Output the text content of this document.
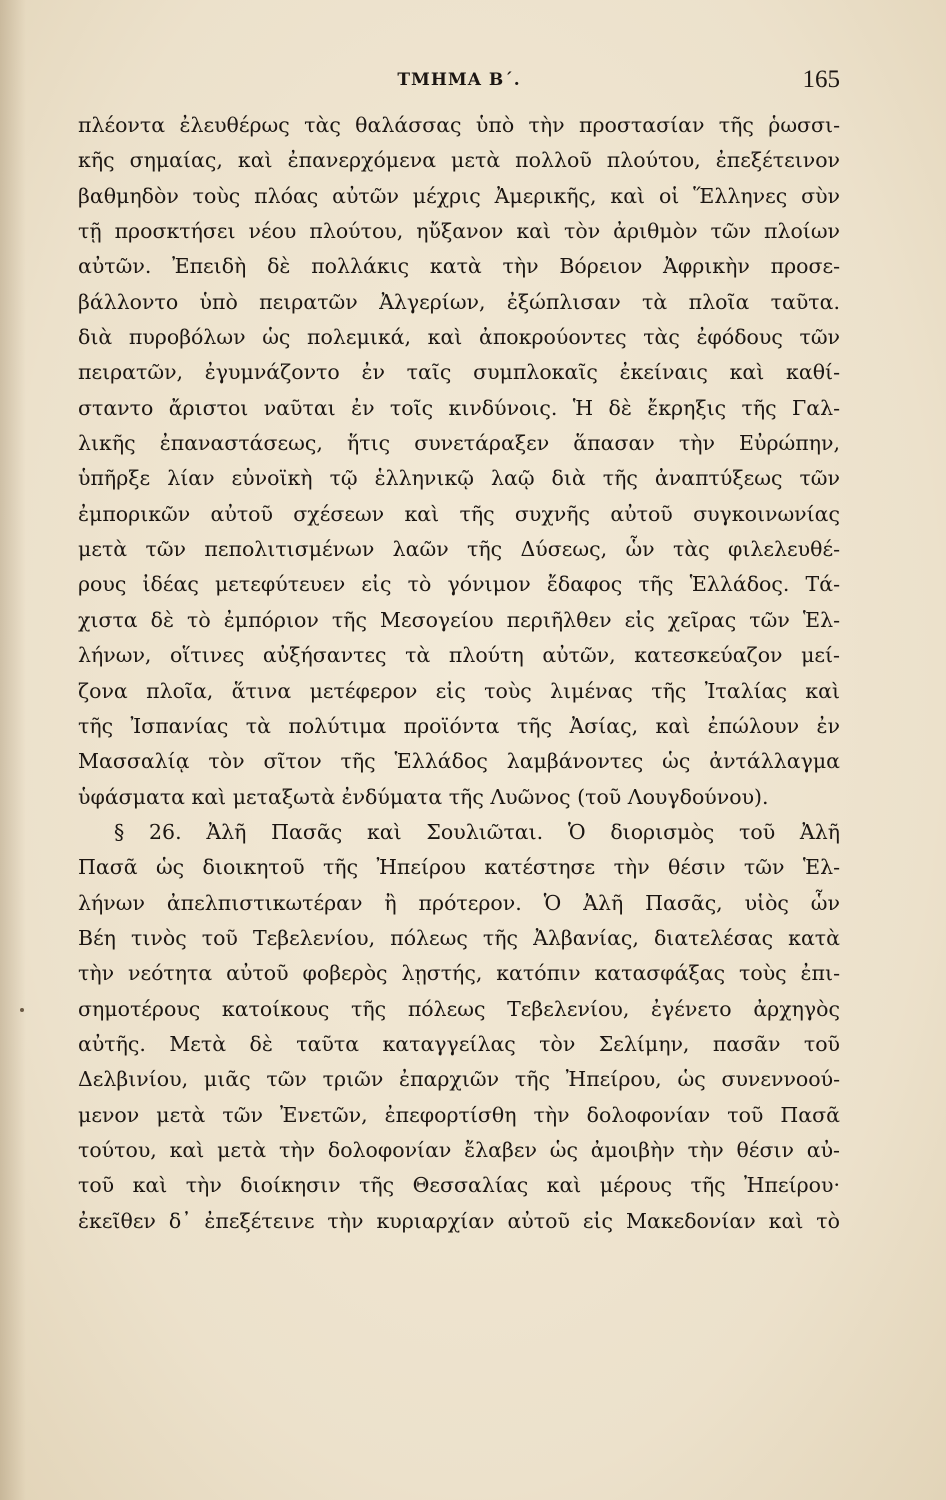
ΤΜΗΜΑ Β΄.	165
πλέοντα ἐλευθέρως τὰς θαλάσσας ὑπὸ τὴν προστασίαν τῆς ῥωσσι-
κῆς σημαίας, καὶ ἐπανερχόμενα μετὰ πολλοῦ πλούτου, ἐπεξέτεινον
βαθμηδὸν τοὺς πλόας αὐτῶν μέχρις Ἀμερικῆς, καὶ οἱ Ἕλληνες σὺν
τῇ προσκτήσει νέου πλούτου, ηὔξανον καὶ τὸν ἀριθμὸν τῶν πλοίων
αὐτῶν. Ἐπειδὴ δὲ πολλάκις κατὰ τὴν Βόρειον Ἀφρικὴν προσε-
βάλλοντο ὑπὸ πειρατῶν Ἀλγερίων, ἐξώπλισαν τὰ πλοῖα ταῦτα.
διὰ πυροβόλων ὡς πολεμικά, καὶ ἀποκρούοντες τὰς ἐφόδους τῶν
πειρατῶν, ἐγυμνάζοντο ἐν ταῖς συμπλοκαῖς ἐκείναις καὶ καθί-
σταντο ἄριστοι ναῦται ἐν τοῖς κινδύνοις. Ἡ δὲ ἔκρηξις τῆς Γαλ-
λικῆς ἐπαναστάσεως, ἥτις συνετάραξεν ἅπασαν τὴν Εὐρώπην,
ὑπῆρξε λίαν εὐνοϊκὴ τῷ ἑλληνικῷ λαῷ διὰ τῆς ἀναπτύξεως τῶν
ἐμπορικῶν αὐτοῦ σχέσεων καὶ τῆς συχνῆς αὐτοῦ συγκοινωνίας
μετὰ τῶν πεπολιτισμένων λαῶν τῆς Δύσεως, ὧν τὰς φιλελευθέ-
ρους ἰδέας μετεφύτευεν εἰς τὸ γόνιμον ἔδαφος τῆς Ἑλλάδος. Τά-
χιστα δὲ τὸ ἐμπόριον τῆς Μεσογείου περιῆλθεν εἰς χεῖρας τῶν Ἑλ-
λήνων, οἵτινες αὐξήσαντες τὰ πλούτη αὐτῶν, κατεσκεύαζον μεί-
ζονα πλοῖα, ἅτινα μετέφερον εἰς τοὺς λιμένας τῆς Ἰταλίας καὶ
τῆς Ἰσπανίας τὰ πολύτιμα προϊόντα τῆς Ἀσίας, καὶ ἐπώλουν ἐν
Μασσαλίᾳ τὸν σῖτον τῆς Ἑλλάδος λαμβάνοντες ὡς ἀντάλλαγμα
ὑφάσματα καὶ μεταξωτὰ ἐνδύματα τῆς Λυῶνος (τοῦ Λουγδούνου).
§ 26. Ἀλῆ Πασᾶς καὶ Σουλιῶται. Ὁ διορισμὸς τοῦ Ἀλῆ
Πασᾶ ὡς διοικητοῦ τῆς Ἠπείρου κατέστησε τὴν θέσιν τῶν Ἑλ-
λήνων ἀπελπιστικωτέραν ἢ πρότερον. Ὁ Ἀλῆ Πασᾶς, υἱὸς ὧν
Βέη τινὸς τοῦ Τεβελενίου, πόλεως τῆς Ἀλβανίας, διατελέσας κατὰ
τὴν νεότητα αὐτοῦ φοβερὸς λῃστής, κατόπιν κατασφάξας τοὺς ἐπι-
σημοτέρους κατοίκους τῆς πόλεως Τεβελενίου, ἐγένετο ἀρχηγὸς
αὐτῆς. Μετὰ δὲ ταῦτα καταγγείλας τὸν Σελίμην, πασᾶν τοῦ
Δελβινίου, μιᾶς τῶν τριῶν ἐπαρχιῶν τῆς Ἠπείρου, ὡς συνεννοού-
μενον μετὰ τῶν Ἐνετῶν, ἐπεφορτίσθη τὴν δολοφονίαν τοῦ Πασᾶ
τούτου, καὶ μετὰ τὴν δολοφονίαν ἔλαβεν ὡς ἀμοιβὴν τὴν θέσιν αὐ-
τοῦ καὶ τὴν διοίκησιν τῆς Θεσσαλίας καὶ μέρους τῆς Ἠπείρου·
ἐκεῖθεν δ᾽ ἐπεξέτεινε τὴν κυριαρχίαν αὐτοῦ εἰς Μακεδονίαν καὶ τὸ
